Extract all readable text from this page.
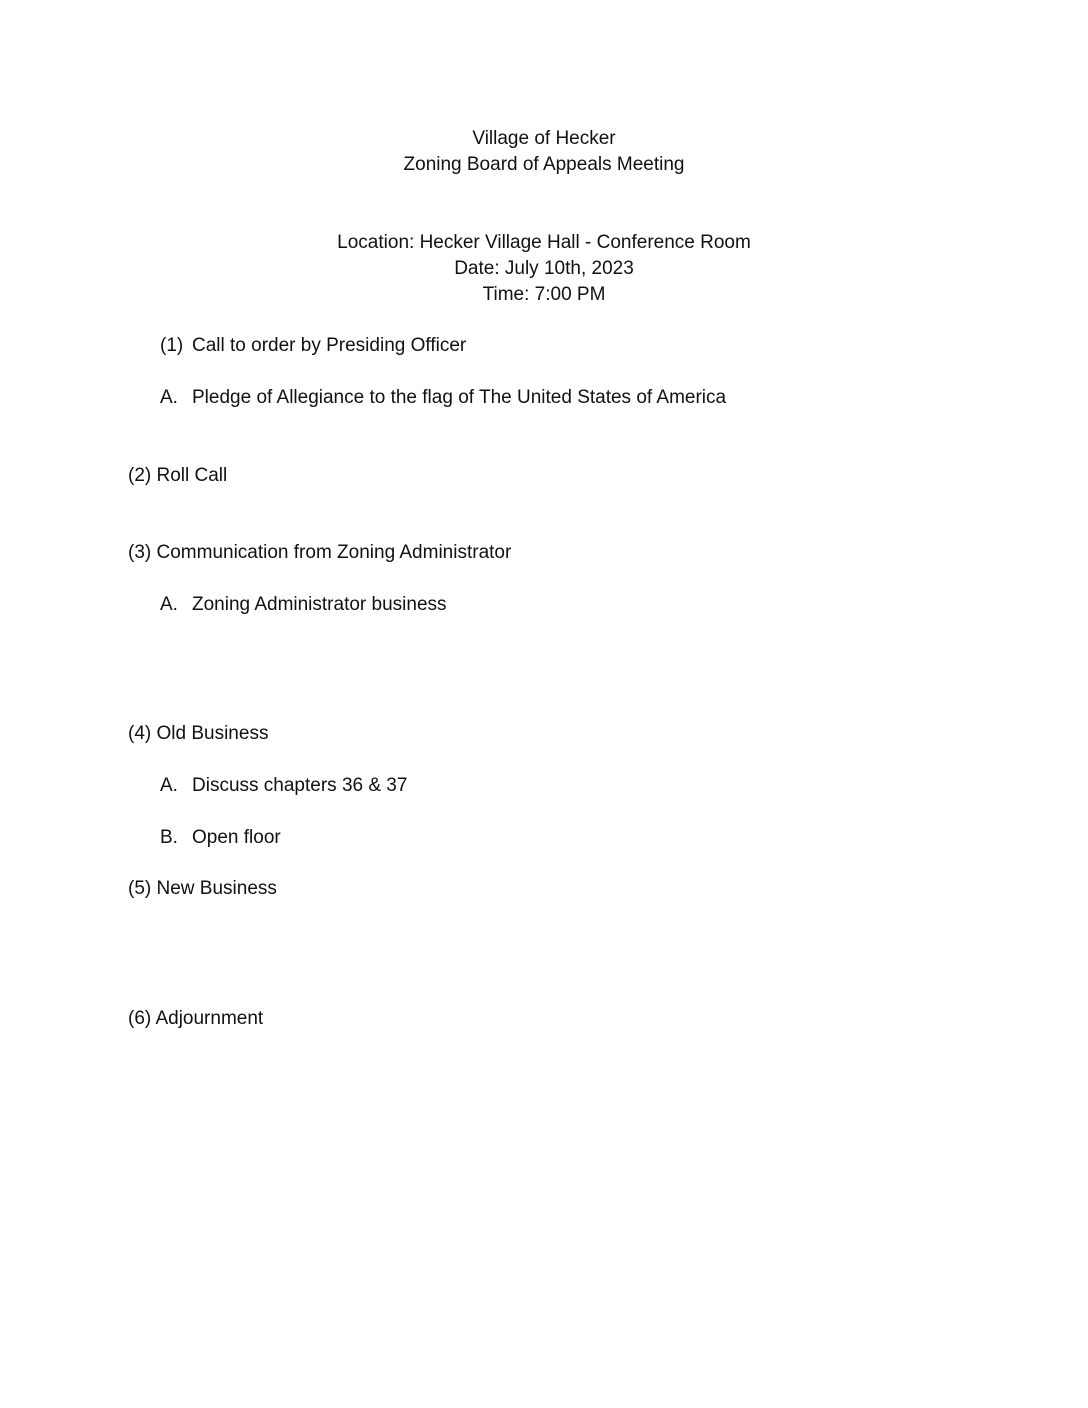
Village of Hecker
Zoning Board of Appeals Meeting
Location: Hecker Village Hall - Conference Room
Date: July 10th, 2023
Time: 7:00 PM
(1) Call to order by Presiding Officer
A. Pledge of Allegiance to the flag of The United States of America
(2) Roll Call
(3) Communication from Zoning Administrator
A. Zoning Administrator business
(4) Old Business
A. Discuss chapters 36 & 37
B. Open floor
(5) New Business
(6) Adjournment
